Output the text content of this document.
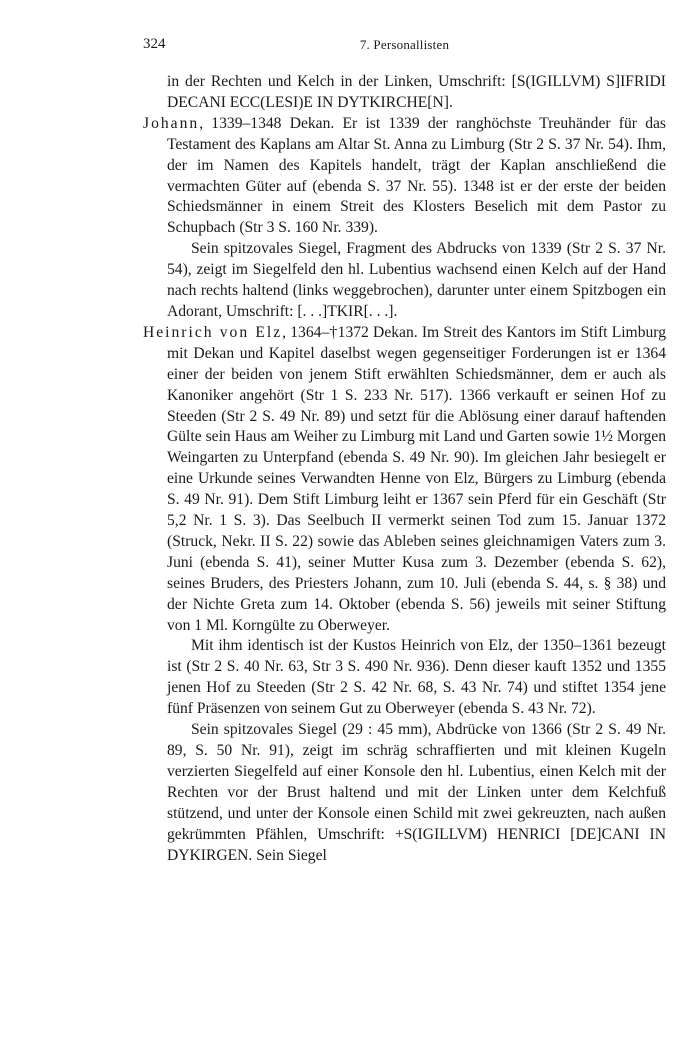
324	7. Personallisten

in der Rechten und Kelch in der Linken, Umschrift: [S(IGILLVM) S]IFRIDI DECANI ECC(LESI)E IN DYTKIRCHE[N].

Johann, 1339–1348 Dekan. Er ist 1339 der ranghöchste Treuhänder für das Testament des Kaplans am Altar St. Anna zu Limburg (Str 2 S. 37 Nr. 54). Ihm, der im Namen des Kapitels handelt, trägt der Kaplan anschließend die vermachten Güter auf (ebenda S. 37 Nr. 55). 1348 ist er der erste der beiden Schiedsmänner in einem Streit des Klosters Beselich mit dem Pastor zu Schupbach (Str 3 S. 160 Nr. 339).

Sein spitzovales Siegel, Fragment des Abdrucks von 1339 (Str 2 S. 37 Nr. 54), zeigt im Siegelfeld den hl. Lubentius wachsend einen Kelch auf der Hand nach rechts haltend (links weggebrochen), darunter unter einem Spitzbogen ein Adorant, Umschrift: [. . .]TKIR[. . .].

Heinrich von Elz, 1364–†1372 Dekan. Im Streit des Kantors im Stift Limburg mit Dekan und Kapitel daselbst wegen gegenseitiger Forderungen ist er 1364 einer der beiden von jenem Stift erwählten Schiedsmänner, dem er auch als Kanoniker angehört (Str 1 S. 233 Nr. 517). 1366 verkauft er seinen Hof zu Steeden (Str 2 S. 49 Nr. 89) und setzt für die Ablösung einer darauf haftenden Gülte sein Haus am Weiher zu Limburg mit Land und Garten sowie 1½ Morgen Weingarten zu Unterpfand (ebenda S. 49 Nr. 90). Im gleichen Jahr besiegelt er eine Urkunde seines Verwandten Henne von Elz, Bürgers zu Limburg (ebenda S. 49 Nr. 91). Dem Stift Limburg leiht er 1367 sein Pferd für ein Geschäft (Str 5,2 Nr. 1 S. 3). Das Seelbuch II vermerkt seinen Tod zum 15. Januar 1372 (Struck, Nekr. II S. 22) sowie das Ableben seines gleichnamigen Vaters zum 3. Juni (ebenda S. 41), seiner Mutter Kusa zum 3. Dezember (ebenda S. 62), seines Bruders, des Priesters Johann, zum 10. Juli (ebenda S. 44, s. § 38) und der Nichte Greta zum 14. Oktober (ebenda S. 56) jeweils mit seiner Stiftung von 1 Ml. Korngülte zu Oberweyer.

Mit ihm identisch ist der Kustos Heinrich von Elz, der 1350–1361 bezeugt ist (Str 2 S. 40 Nr. 63, Str 3 S. 490 Nr. 936). Denn dieser kauft 1352 und 1355 jenen Hof zu Steeden (Str 2 S. 42 Nr. 68, S. 43 Nr. 74) und stiftet 1354 jene fünf Präsenzen von seinem Gut zu Oberweyer (ebenda S. 43 Nr. 72).

Sein spitzovales Siegel (29 : 45 mm), Abdrücke von 1366 (Str 2 S. 49 Nr. 89, S. 50 Nr. 91), zeigt im schräg schraffierten und mit kleinen Kugeln verzierten Siegelfeld auf einer Konsole den hl. Lubentius, einen Kelch mit der Rechten vor der Brust haltend und mit der Linken unter dem Kelchfuß stützend, und unter der Konsole einen Schild mit zwei gekreuzten, nach außen gekrümmten Pfählen, Umschrift: +S(IGILLVM) HENRICI [DE]CANI IN DYKIRGEN. Sein Siegel
